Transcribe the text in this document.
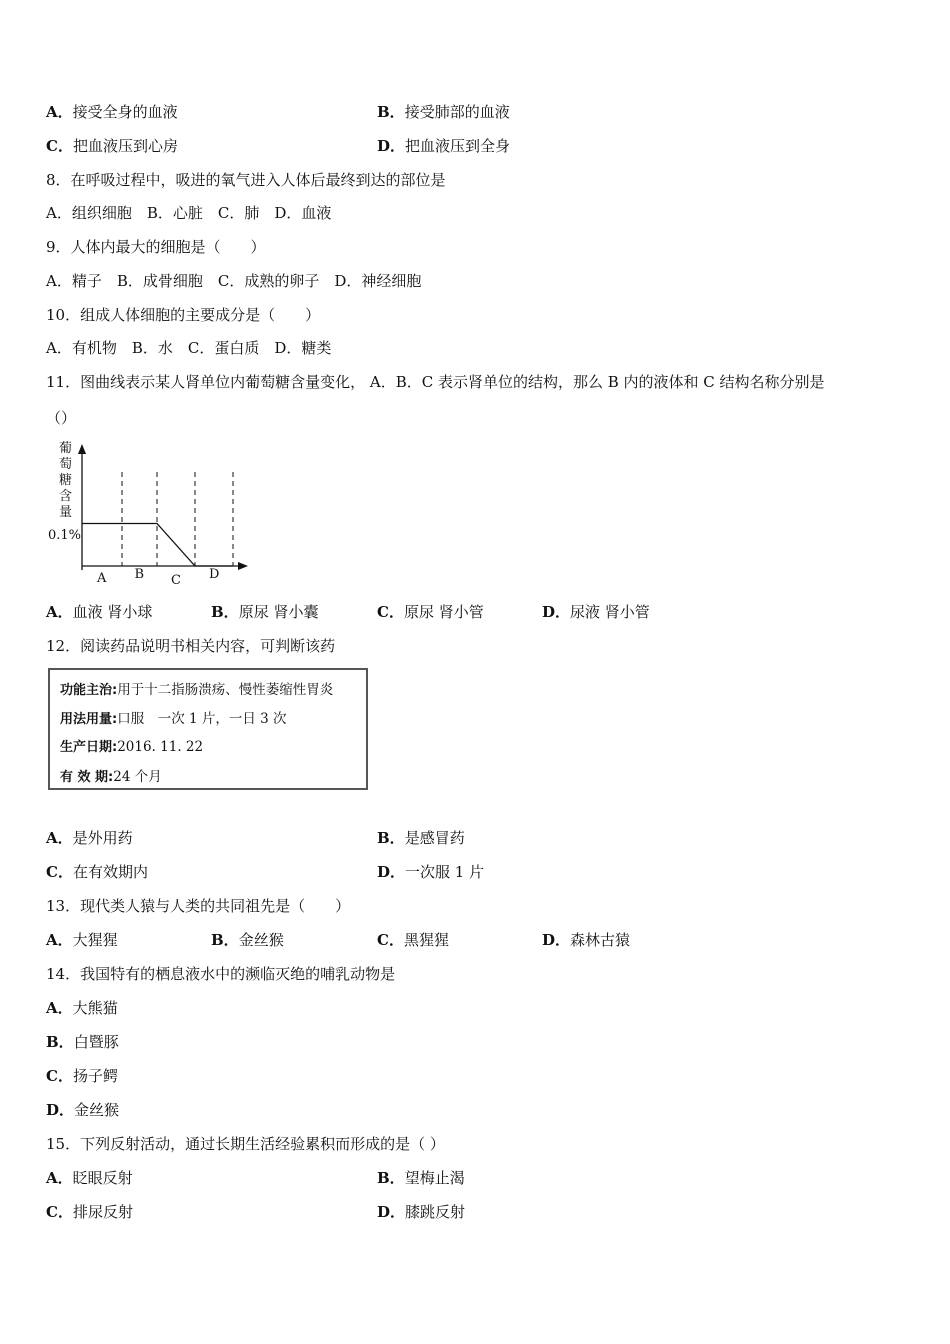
A．接受全身的血液	B．接受肺部的血液
C．把血液压到心房	D．把血液压到全身
8．在呼吸过程中，吸进的氧气进入人体后最终到达的部位是
A．组织细胞　B．心脏　C．肺　D．血液
9．人体内最大的细胞是（　　）
A．精子　B．成骨细胞　C．成熟的卵子　D．神经细胞
10．组成人体细胞的主要成分是（　　）
A．有机物　B．水　C．蛋白质　D．糖类
11．图曲线表示某人肾单位内葡萄糖含量变化， A．B．C 表示肾单位的结构，那么 B 内的液体和 C 结构名称分别是
（）
葡
萄
糖
含
量
0.1%
A B C D
A．血液 肾小球	B．原尿 肾小囊	C．原尿 肾小管	D．尿液 肾小管
12．阅读药品说明书相关内容，可判断该药
功能主治:用于十二指肠溃疡、慢性萎缩性胃炎
用法用量:口服　一次 1 片，一日 3 次
生产日期:2016. 11. 22
有 效 期:24 个月
A．是外用药	B．是感冒药
C．在有效期内	D．一次服 1 片
13．现代类人猿与人类的共同祖先是（　　）
A．大猩猩	B．金丝猴	C．黑猩猩	D．森林古猿
14．我国特有的栖息液水中的濒临灭绝的哺乳动物是
A．大熊猫
B．白暨豚
C．扬子鳄
D．金丝猴
15．下列反射活动，通过长期生活经验累积而形成的是（ ）
A．眨眼反射	B．望梅止渴
C．排尿反射	D．膝跳反射
